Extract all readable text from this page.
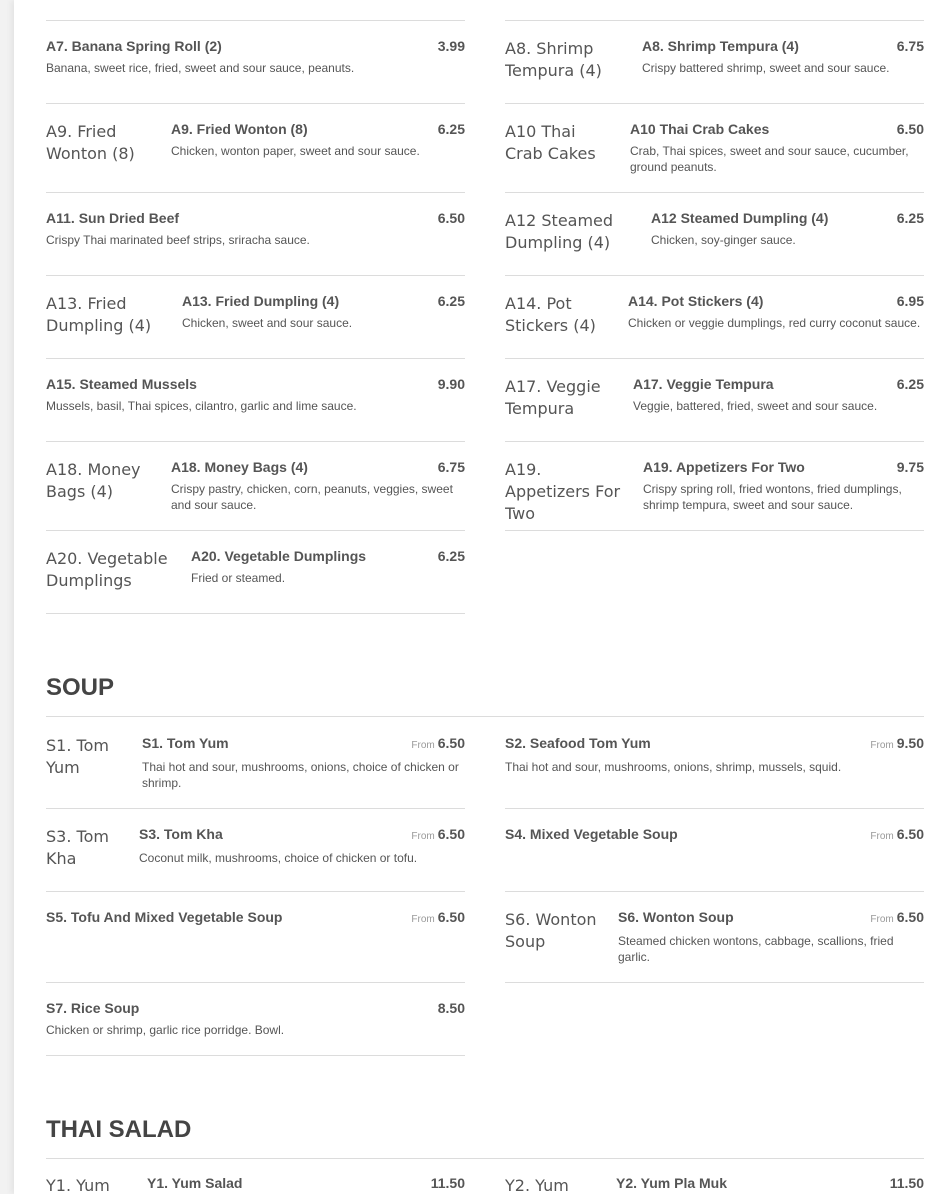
A7. Banana Spring Roll (2)
Banana, sweet rice, fried, sweet and sour sauce, peanuts.
3.99	A8. Shrimp Tempura (4)
A8. Shrimp Tempura (4)
Crispy battered shrimp, sweet and sour sauce.
6.75
A9. Fried Wonton (8)
A9. Fried Wonton (8)
Chicken, wonton paper, sweet and sour sauce.
6.25	A10 Thai Crab Cakes
A10 Thai Crab Cakes
Crab, Thai spices, sweet and sour sauce, cucumber, ground peanuts.
6.50
A11. Sun Dried Beef
Crispy Thai marinated beef strips, sriracha sauce.
6.50	A12 Steamed Dumpling (4)
A12 Steamed Dumpling (4)
Chicken, soy-ginger sauce.
6.25
A13. Fried Dumpling (4)
A13. Fried Dumpling (4)
Chicken, sweet and sour sauce.
6.25	A14. Pot Stickers (4)
A14. Pot Stickers (4)
Chicken or veggie dumplings, red curry coconut sauce.
6.95
A15. Steamed Mussels
Mussels, basil, Thai spices, cilantro, garlic and lime sauce.
9.90	A17. Veggie Tempura
A17. Veggie Tempura
Veggie, battered, fried, sweet and sour sauce.
6.25
A18. Money Bags (4)
A18. Money Bags (4)
Crispy pastry, chicken, corn, peanuts, veggies, sweet and sour sauce.
6.75	A19. Appetizers For Two
A19. Appetizers For Two
Crispy spring roll, fried wontons, fried dumplings, shrimp tempura, sweet and sour sauce.
9.75
A20. Vegetable Dumplings
A20. Vegetable Dumplings
Fried or steamed.
6.25
SOUP
S1. Tom Yum
S1. Tom Yum
Thai hot and sour, mushrooms, onions, choice of chicken or shrimp.
From 6.50	S2. Seafood Tom Yum
Thai hot and sour, mushrooms, onions, shrimp, mussels, squid.
From 9.50
S3. Tom Kha
S3. Tom Kha
Coconut milk, mushrooms, choice of chicken or tofu.
From 6.50	S4. Mixed Vegetable Soup	From 6.50
S5. Tofu And Mixed Vegetable Soup	From 6.50	S6. Wonton Soup
S6. Wonton Soup
Steamed chicken wontons, cabbage, scallions, fried garlic.
From 6.50
S7. Rice Soup
Chicken or shrimp, garlic rice porridge. Bowl.
8.50
THAI SALAD
Y1. Yum	Y1. Yum Salad	11.50	Y2. Yum	Y2. Yum Pla Muk	11.50
